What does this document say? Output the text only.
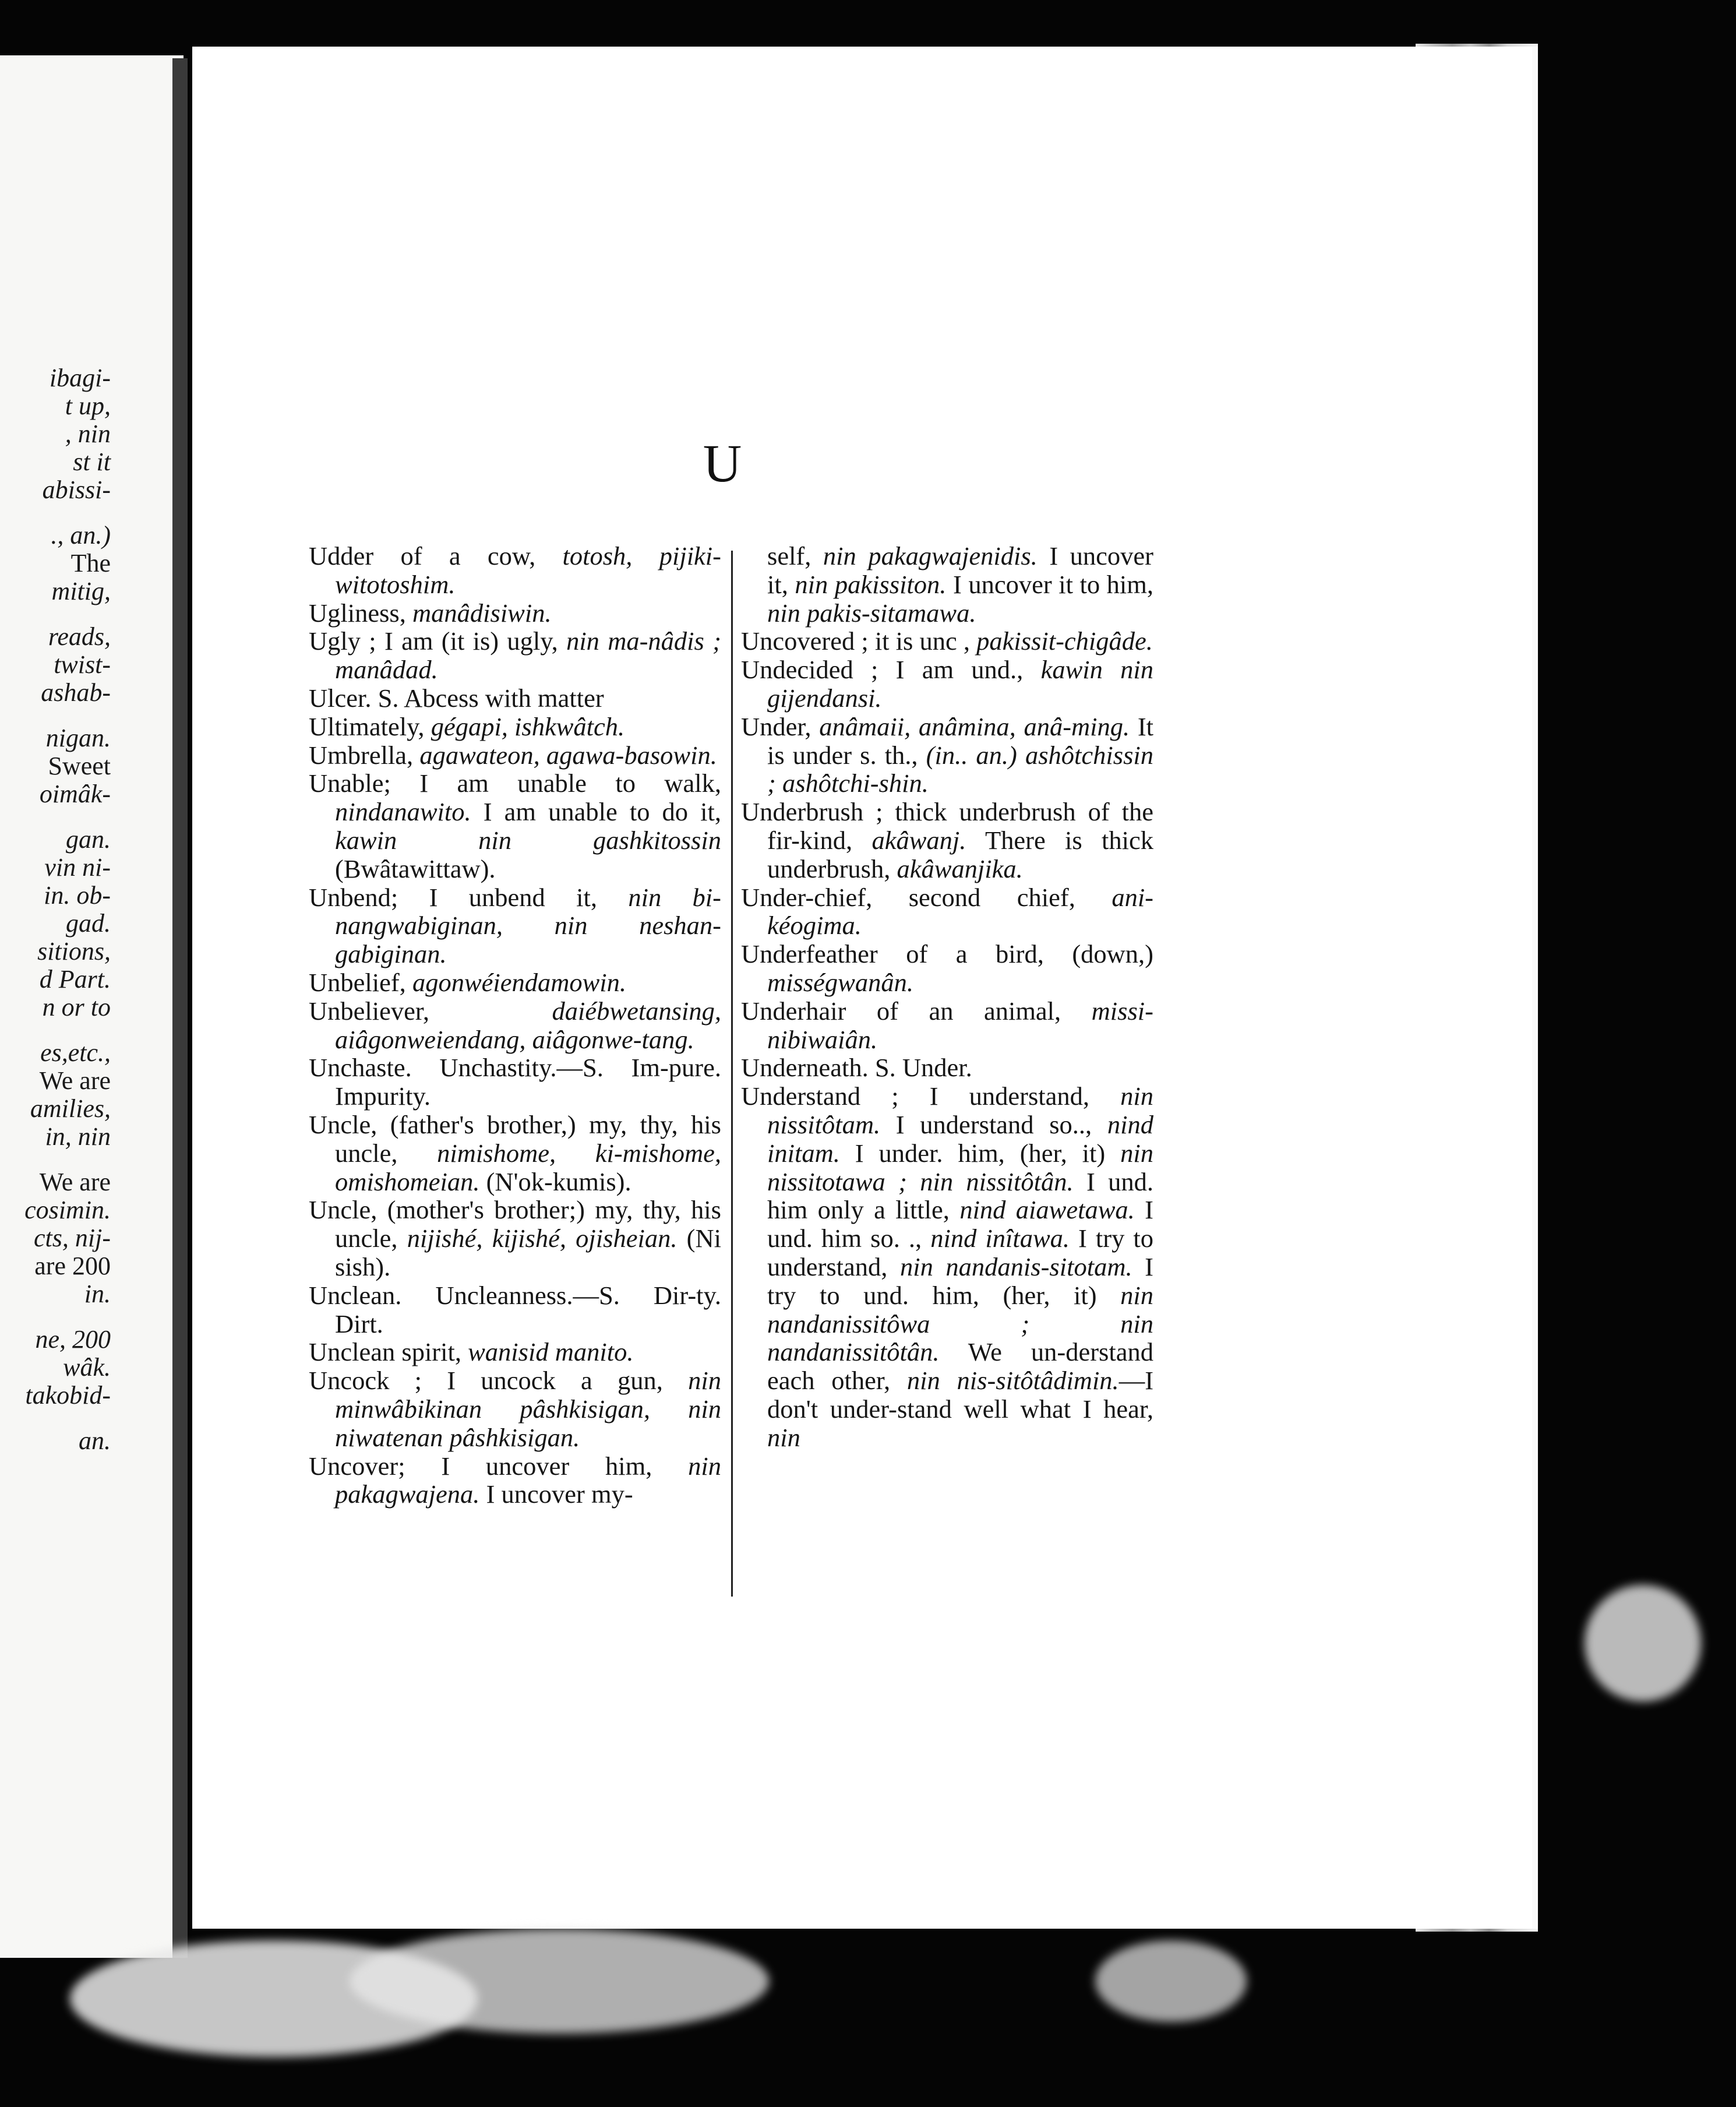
ibagi-
t up,
, nin
st it
abissi-

., an.)
The
mitig,

reads,
twist-
ashab-

nigan.
Sweet
oimâk-

gan.
vin ni-
in. ob-
gad.
sitions,
d Part.
n or to

es,etc.,
We are
amilies,
in, nin

We are
cosimin.
cts, nij-
are 200
in.

ne, 200
wâk.
takobid-

an.
U

Udder of a cow, totosh, pijiki-witotoshim.

Ugliness, manâdisiwin.

Ugly ; I am (it is) ugly, nin ma-nâdis ; manâdad.

Ulcer. S. Abcess with matter

Ultimately, gégapi, ishkwâtch.

Umbrella, agawateon, agawa-basowin.

Unable; I am unable to walk, nindanawito. I am unable to do it, kawin nin gashkitossin (Bwâtawittaw).

Unbend; I unbend it, nin bi-nangwabiginan, nin neshan-gabiginan.

Unbelief, agonwéiendamowin.

Unbeliever, daiébwetansing, aiâgonweiendang, aiâgonwe-tang.

Unchaste. Unchastity.—S. Im-pure. Impurity.

Uncle, (father's brother,) my, thy, his uncle, nimishome, ki-mishome, omishomeian. (N'ok-kumis).

Uncle, (mother's brother;) my, thy, his uncle, nijishé, kijishé, ojisheian. (Ni sish).

Unclean. Uncleanness.—S. Dir-ty. Dirt.

Unclean spirit, wanisid manito.

Uncock ; I uncock a gun, nin minwâbikinan pâshkisigan, nin niwatenan pâshkisigan.

Uncover; I uncover him, nin pakagwajena. I uncover my-

self, nin pakagwajenidis. I uncover it, nin pakissiton. I uncover it to him, nin pakis-sitamawa.

Uncovered ; it is unc , pakissit-chigâde.

Undecided ; I am und., kawin nin gijendansi.

Under, anâmaii, anâmina, anâ-ming. It is under s. th., (in.. an.) ashôtchissin ; ashôtchi-shin.

Underbrush ; thick underbrush of the fir-kind, akâwanj. There is thick underbrush, akâwanjika.

Under-chief, second chief, ani-kéogima.

Underfeather of a bird, (down,) misségwanân.

Underhair of an animal, missi-nibiwaiân.

Underneath. S. Under.

Understand ; I understand, nin nissitôtam. I understand so.., nind initam. I under. him, (her, it) nin nissitotawa ; nin nissitôtân. I und. him only a little, nind aiawetawa. I und. him so. ., nind inîtawa. I try to understand, nin nandanis-sitotam. I try to und. him, (her, it) nin nandanissitôwa ; nin nandanissitôtân. We un-derstand each other, nin nis-sitôtâdimin.—I don't under-stand well what I hear, nin
